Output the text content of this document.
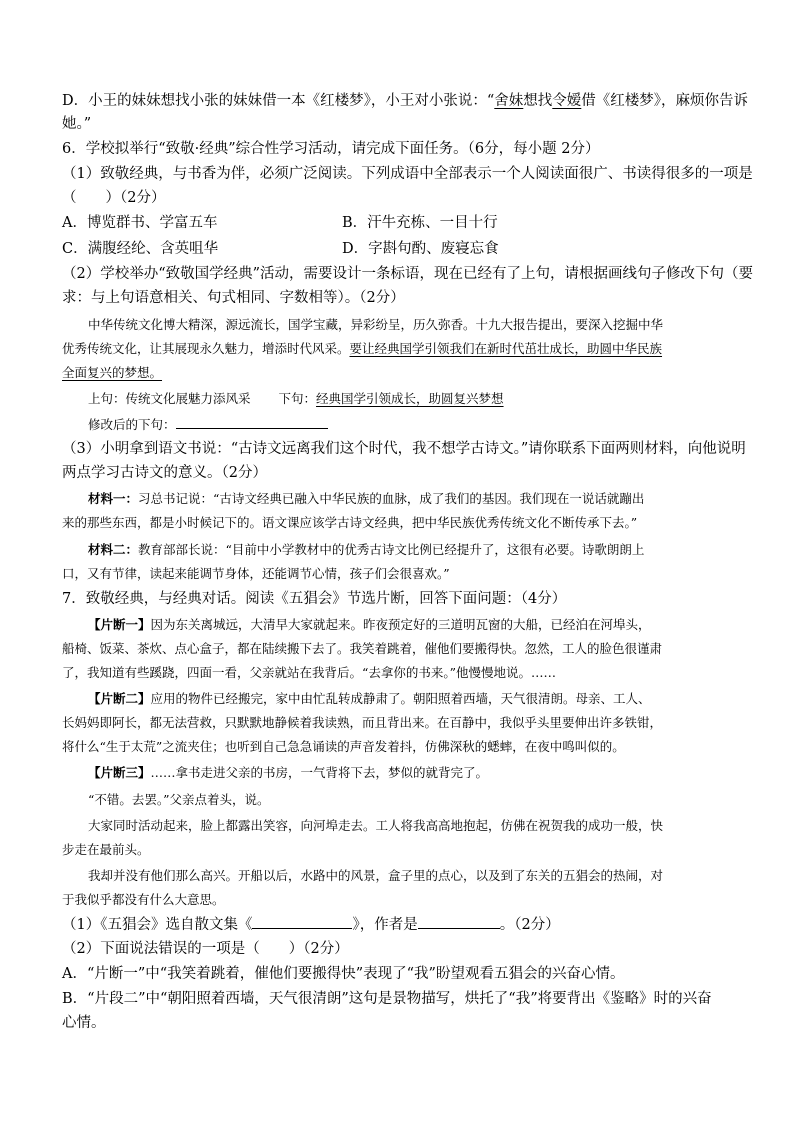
D．小王的妹妹想找小张的妹妹借一本《红楼梦》，小王对小张说：“舍妹想找令嫒借《红楼梦》，麻烦你告诉
她。”
6．学校拟举行“致敬·经典”综合性学习活动，请完成下面任务。（6分，每小题 2分）
（1）致敬经典，与书香为伴，必须广泛阅读。下列成语中全部表示一个人阅读面很广、书读得很多的一项是
（　　）（2分）
A．博览群书、学富五车	B．汗牛充栋、一目十行
C．满腹经纶、含英咀华	D．字斟句酌、废寝忘食
（2）学校举办“致敬国学经典”活动，需要设计一条标语，现在已经有了上句，请根据画线句子修改下句（要
求：与上句语意相关、句式相同、字数相等）。（2分）
中华传统文化博大精深，源远流长，国学宝藏，异彩纷呈，历久弥香。十九大报告提出，要深入挖掘中华
优秀传统文化，让其展现永久魅力，增添时代风采。要让经典国学引领我们在新时代茁壮成长，助圆中华民族
全面复兴的梦想。
上句：传统文化展魅力添风采 下句：经典国学引领成长，助圆复兴梦想
修改后的下句：
（3）小明拿到语文书说：“古诗文远离我们这个时代，我不想学古诗文。”请你联系下面两则材料，向他说明
两点学习古诗文的意义。（2分）
材料一：习总书记说：“古诗文经典已融入中华民族的血脉，成了我们的基因。我们现在一说话就蹦出
来的那些东西，都是小时候记下的。语文课应该学古诗文经典，把中华民族优秀传统文化不断传承下去。”
材料二：教育部部长说：“目前中小学教材中的优秀古诗文比例已经提升了，这很有必要。诗歌朗朗上
口，又有节律，读起来能调节身体，还能调节心情，孩子们会很喜欢。”
7．致敬经典，与经典对话。阅读《五猖会》节选片断，回答下面问题：（4分）
【片断一】因为东关离城远，大清早大家就起来。昨夜预定好的三道明瓦窗的大船，已经泊在河埠头，
船椅、饭菜、茶炊、点心盒子，都在陆续搬下去了。我笑着跳着，催他们要搬得快。忽然，工人的脸色很谨肃
了，我知道有些蹊跷，四面一看，父亲就站在我背后。“去拿你的书来。”他慢慢地说。……
【片断二】应用的物件已经搬完，家中由忙乱转成静肃了。朝阳照着西墙，天气很清朗。母亲、工人、
长妈妈即阿长，都无法营救，只默默地静候着我读熟，而且背出来。在百静中，我似乎头里要伸出许多铁钳，
将什么“生于太荒”之流夹住；也听到自己急急诵读的声音发着抖，仿佛深秋的蟋蟀，在夜中鸣叫似的。
【片断三】……拿书走进父亲的书房，一气背将下去，梦似的就背完了。
“不错。去罢。”父亲点着头，说。
大家同时活动起来，脸上都露出笑容，向河埠走去。工人将我高高地抱起，仿佛在祝贺我的成功一般，快
步走在最前头。
我却并没有他们那么高兴。开船以后，水路中的风景，盒子里的点心，以及到了东关的五猖会的热闹，对
于我似乎都没有什么大意思。
（1）《五猖会》选自散文集《	》，作者是	。（2分）
（2）下面说法错误的一项是（　　）（2分）
A．“片断一”中“我笑着跳着，催他们要搬得快”表现了“我”盼望观看五猖会的兴奋心情。
B．“片段二”中“朝阳照着西墙，天气很清朗”这句是景物描写，烘托了“我”将要背出《鉴略》时的兴奋
心情。
